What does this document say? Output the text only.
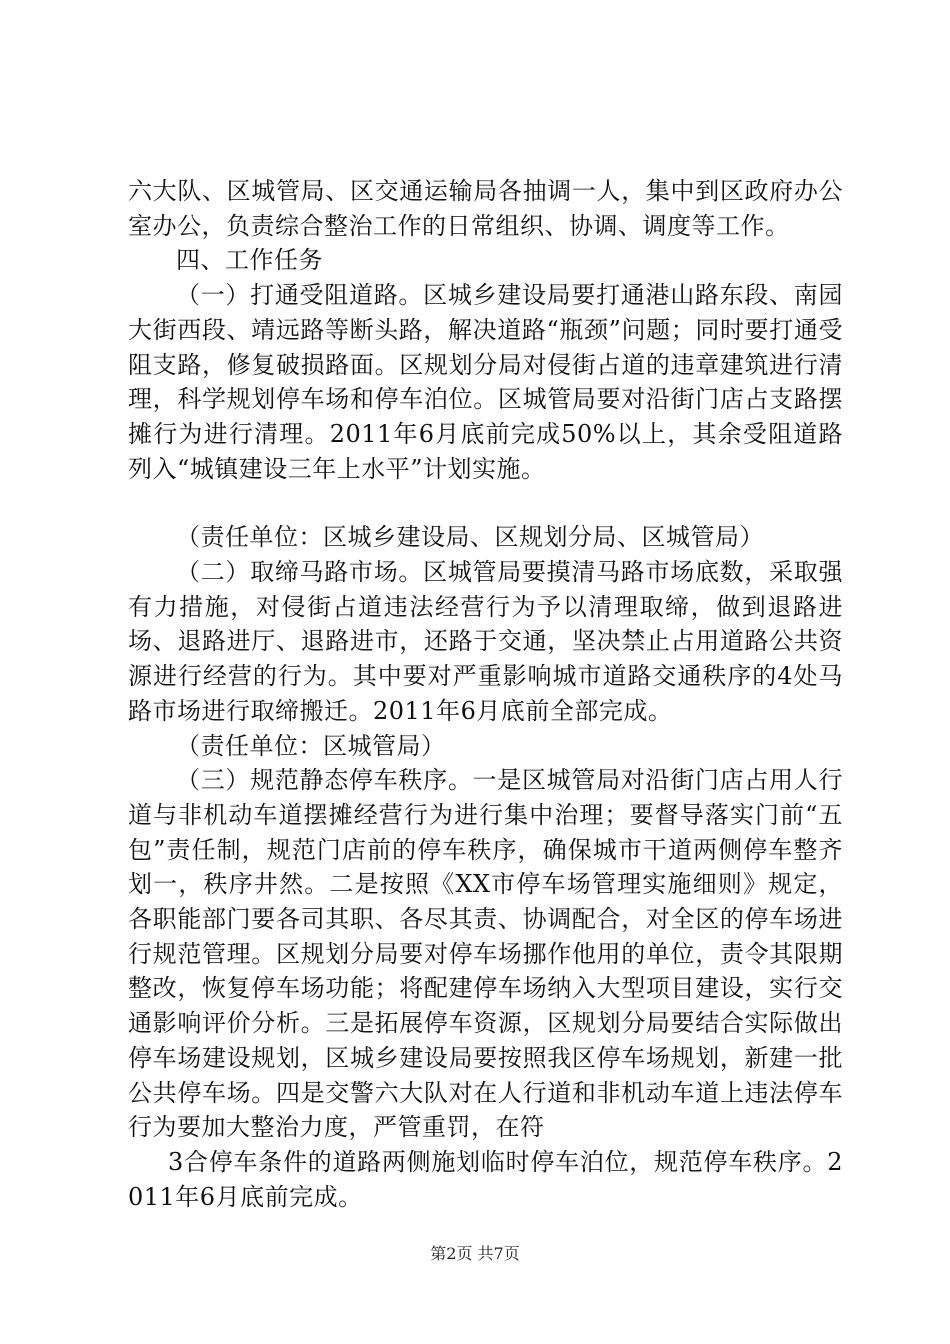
六大队、区城管局、区交通运输局各抽调一人，集中到区政府办公室办公，负责综合整治工作的日常组织、协调、调度等工作。

四、工作任务

（一）打通受阻道路。区城乡建设局要打通港山路东段、南园大街西段、靖远路等断头路，解决道路“瓶颈”问题；同时要打通受阻支路，修复破损路面。区规划分局对侵街占道的违章建筑进行清理，科学规划停车场和停车泊位。区城管局要对沿街门店占支路摆摊行为进行清理。2011年6月底前完成50%以上，其余受阻道路列入“城镇建设三年上水平”计划实施。

（责任单位：区城乡建设局、区规划分局、区城管局）

（二）取缔马路市场。区城管局要摸清马路市场底数，采取强有力措施，对侵街占道违法经营行为予以清理取缔，做到退路进场、退路进厅、退路进市，还路于交通，坚决禁止占用道路公共资源进行经营的行为。其中要对严重影响城市道路交通秩序的4处马路市场进行取缔搬迁。2011年6月底前全部完成。

（责任单位：区城管局）

（三）规范静态停车秩序。一是区城管局对沿街门店占用人行道与非机动车道摆摊经营行为进行集中治理；要督导落实门前“五包”责任制，规范门店前的停车秩序，确保城市干道两侧停车整齐划一，秩序井然。二是按照《XX市停车场管理实施细则》规定，各职能部门要各司其职、各尽其责、协调配合，对全区的停车场进行规范管理。区规划分局要对停车场挪作他用的单位，责令其限期整改，恢复停车场功能；将配建停车场纳入大型项目建设，实行交通影响评价分析。三是拓展停车资源，区规划分局要结合实际做出停车场建设规划，区城乡建设局要按照我区停车场规划，新建一批公共停车场。四是交警六大队对在人行道和非机动车道上违法停车行为要加大整治力度，严管重罚，在符

3合停车条件的道路两侧施划临时停车泊位，规范停车秩序。2011年6月底前完成。

第2页 共7页
